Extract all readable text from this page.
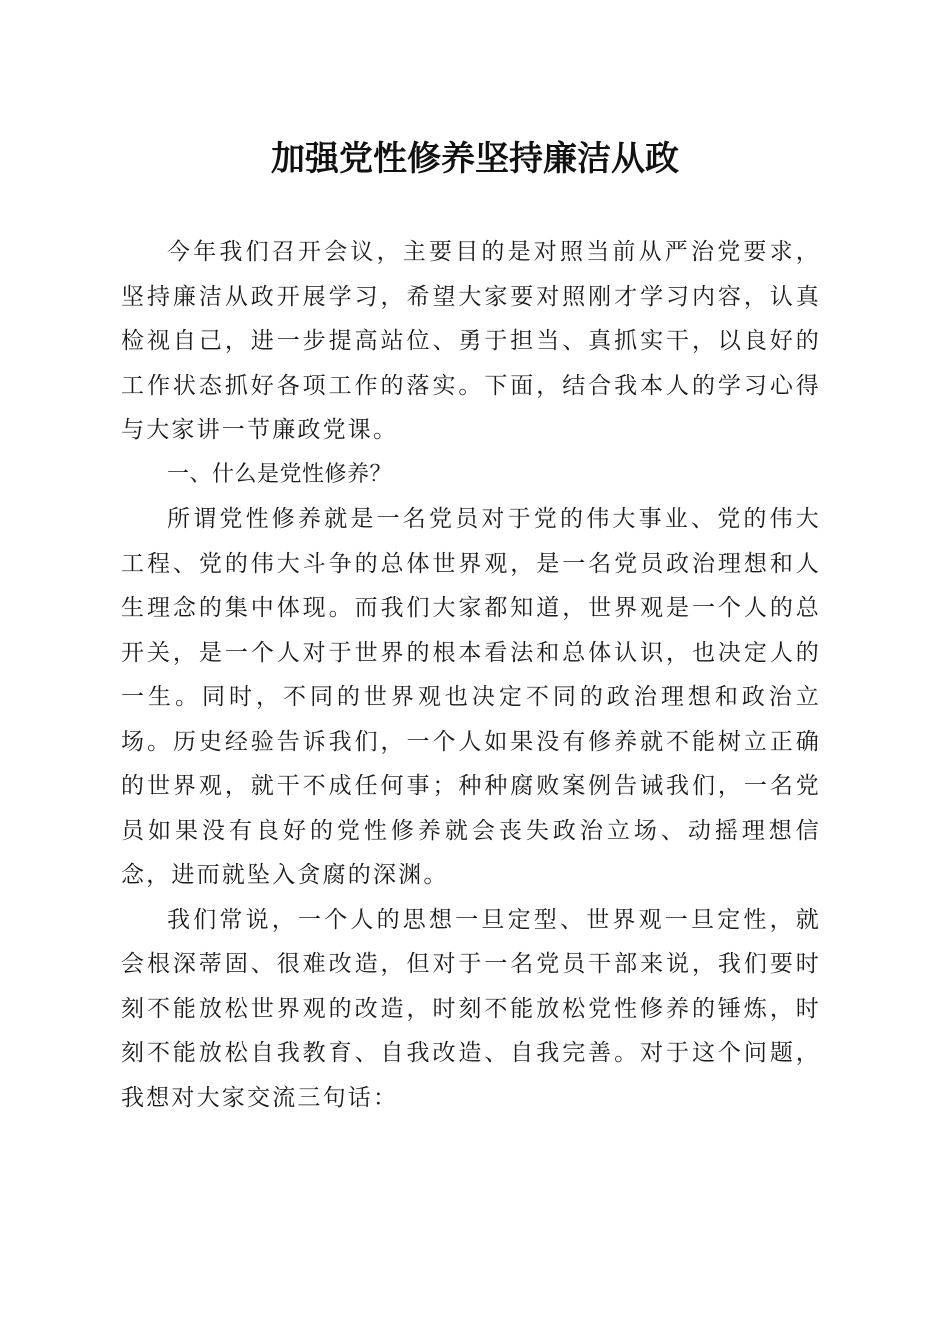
加强党性修养坚持廉洁从政

今年我们召开会议，主要目的是对照当前从严治党要求，坚持廉洁从政开展学习，希望大家要对照刚才学习内容，认真检视自己，进一步提高站位、勇于担当、真抓实干，以良好的工作状态抓好各项工作的落实。下面，结合我本人的学习心得与大家讲一节廉政党课。

一、什么是党性修养？

所谓党性修养就是一名党员对于党的伟大事业、党的伟大工程、党的伟大斗争的总体世界观，是一名党员政治理想和人生理念的集中体现。而我们大家都知道，世界观是一个人的总开关，是一个人对于世界的根本看法和总体认识，也决定人的一生。同时，不同的世界观也决定不同的政治理想和政治立场。历史经验告诉我们，一个人如果没有修养就不能树立正确的世界观，就干不成任何事；种种腐败案例告诫我们，一名党员如果没有良好的党性修养就会丧失政治立场、动摇理想信念，进而就坠入贪腐的深渊。

我们常说，一个人的思想一旦定型、世界观一旦定性，就会根深蒂固、很难改造，但对于一名党员干部来说，我们要时刻不能放松世界观的改造，时刻不能放松党性修养的锤炼，时刻不能放松自我教育、自我改造、自我完善。对于这个问题，我想对大家交流三句话：
